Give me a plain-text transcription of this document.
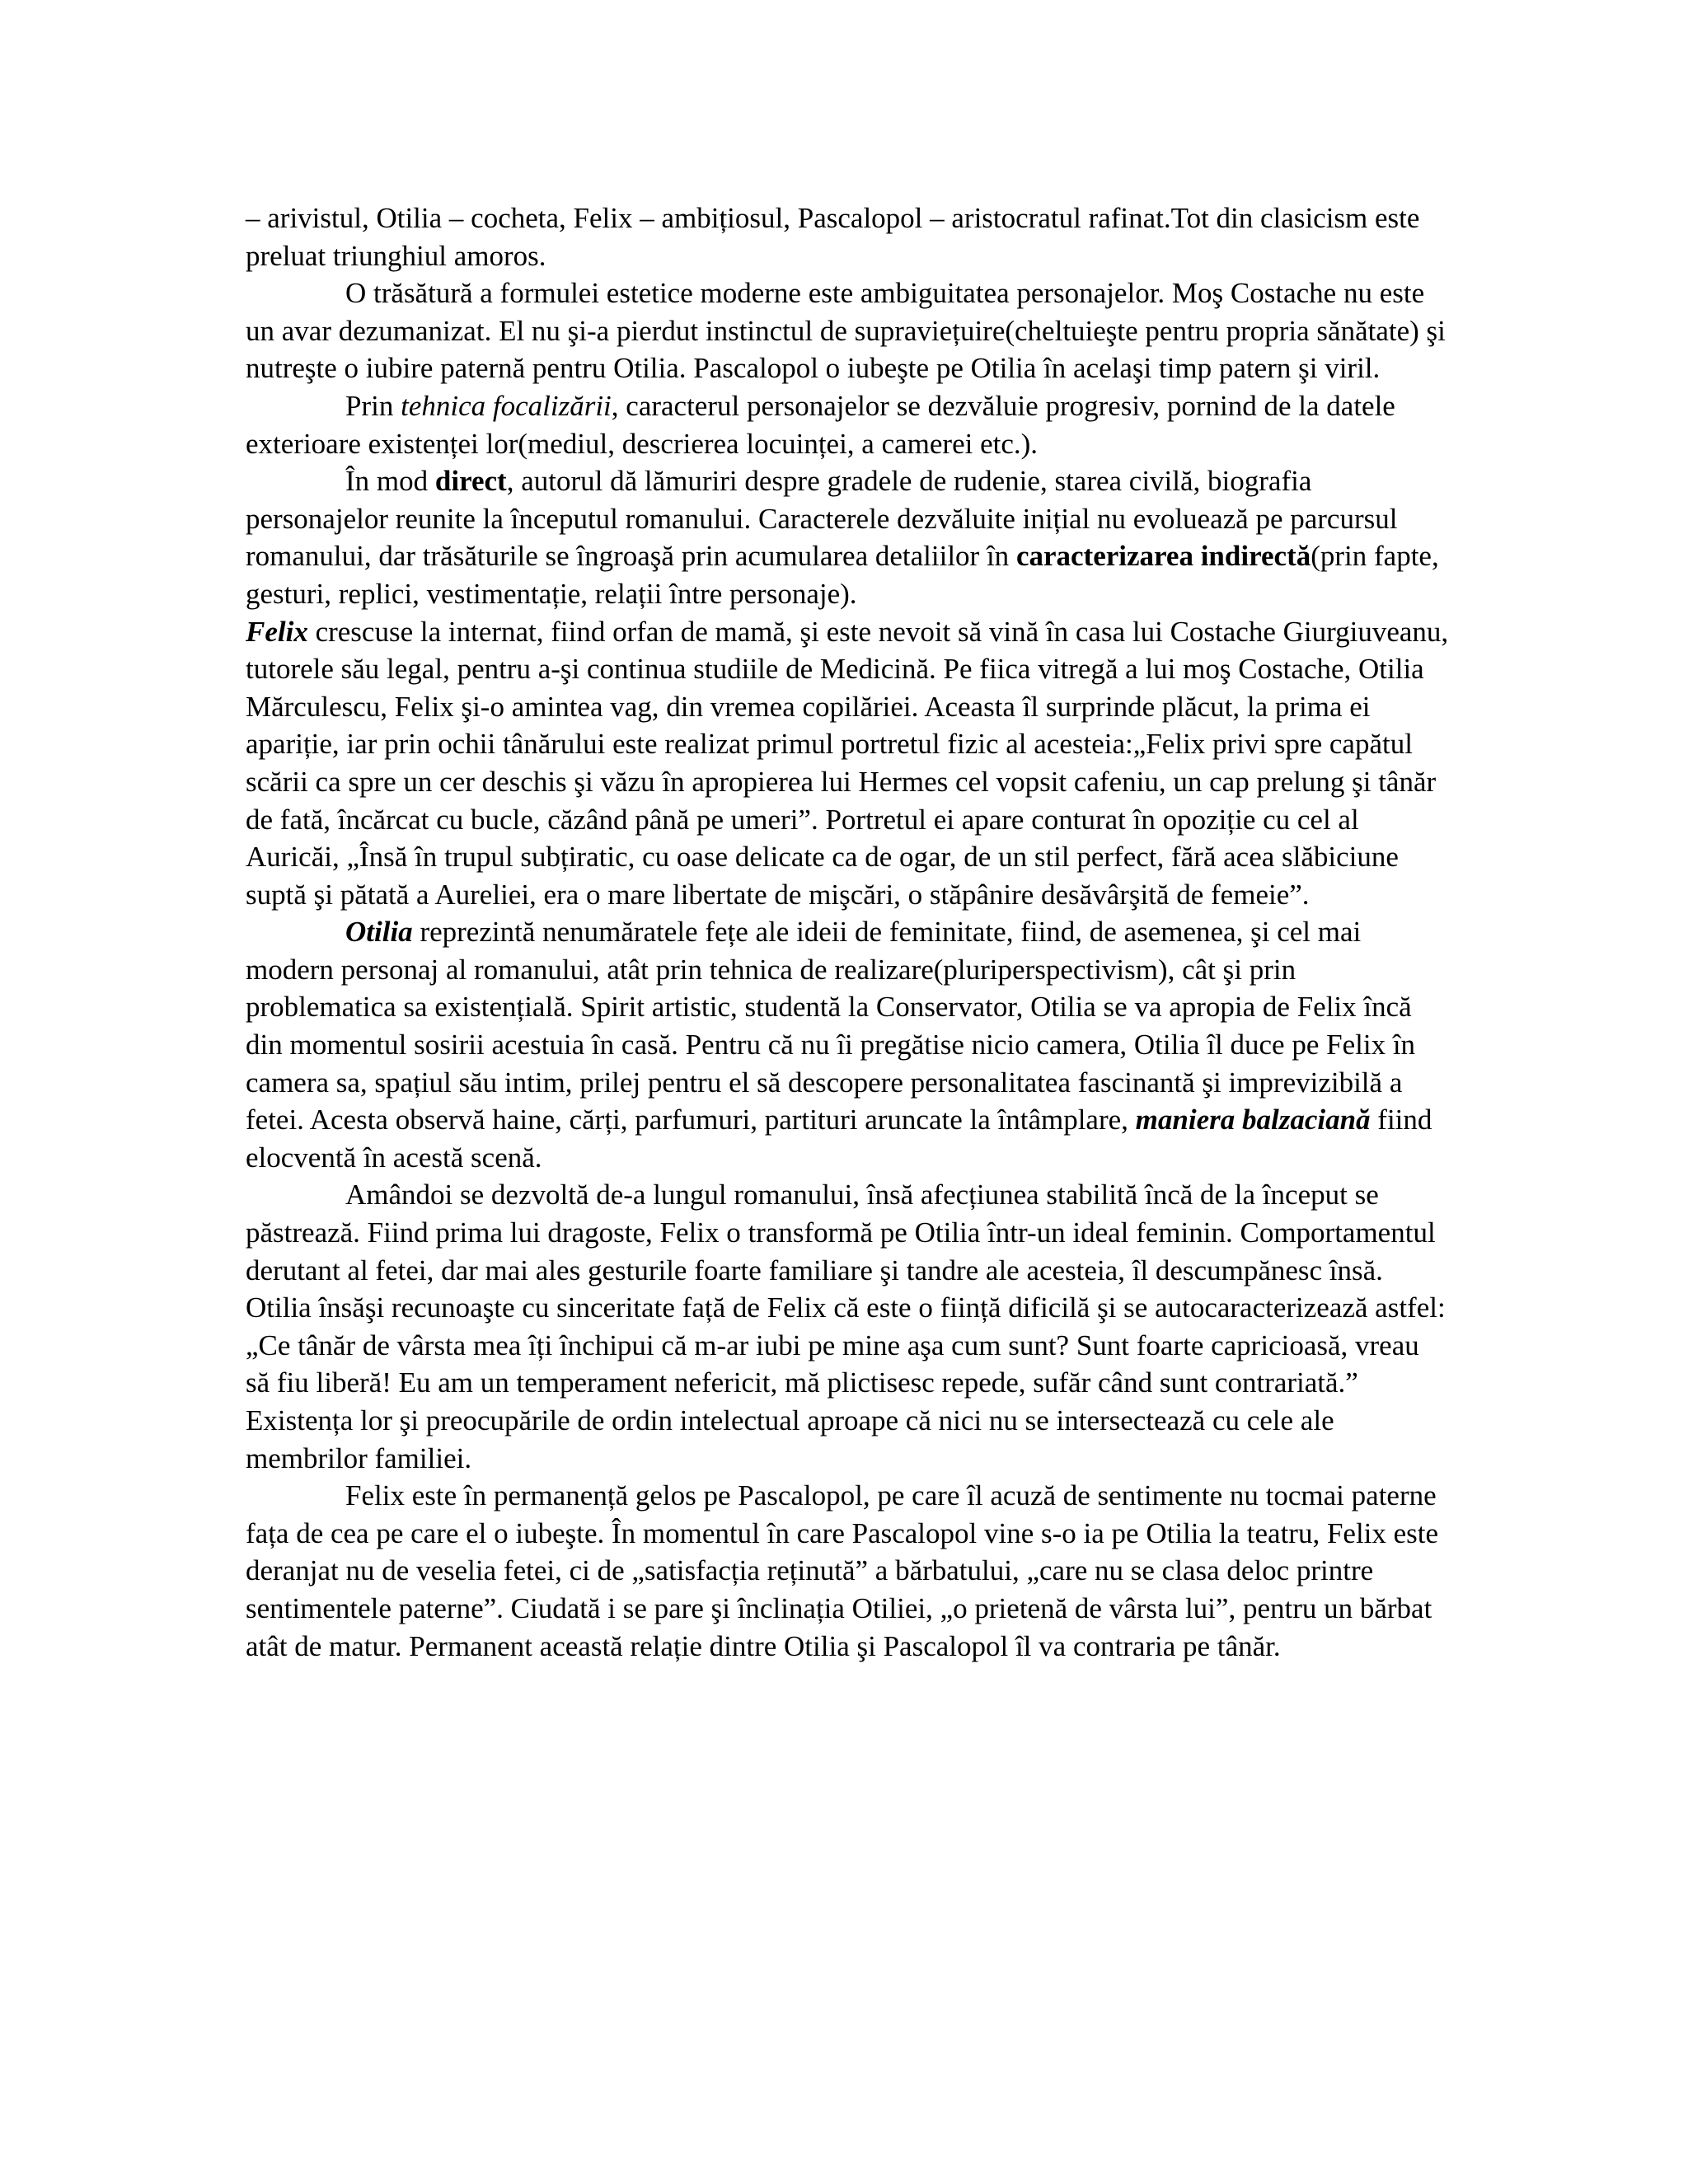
– arivistul, Otilia – cocheta, Felix – ambițiosul, Pascalopol – aristocratul rafinat.Tot din clasicism este preluat triunghiul amoros.

O trăsătură a formulei estetice moderne este ambiguitatea personajelor. Moş Costache nu este un avar dezumanizat. El nu şi-a pierdut instinctul de supraviețuire(cheltuieşte pentru propria sănătate) şi nutreşte o iubire paternă pentru Otilia. Pascalopol o iubeşte pe Otilia în acelaşi timp patern şi viril.

Prin tehnica focalizării, caracterul personajelor se dezvăluie progresiv, pornind de la datele exterioare existenței lor(mediul, descrierea locuinței, a camerei etc.).

În mod direct, autorul dă lămuriri despre gradele de rudenie, starea civilă, biografia personajelor reunite la începutul romanului. Caracterele dezvăluite inițial nu evoluează pe parcursul romanului, dar trăsăturile se îngroaşă prin acumularea detaliilor în caracterizarea indirectă(prin fapte, gesturi, replici, vestimentație, relații între personaje).

Felix crescuse la internat, fiind orfan de mamă, şi este nevoit să vină în casa lui Costache Giurgiuveanu, tutorele său legal, pentru a-şi continua studiile de Medicină. Pe fiica vitregă a lui moş Costache, Otilia Mărculescu, Felix şi-o amintea vag, din vremea copilăriei. Aceasta îl surprinde plăcut, la prima ei apariție, iar prin ochii tânărului este realizat primul portretul fizic al acesteia:„Felix privi spre capătul scării ca spre un cer deschis şi văzu în apropierea lui Hermes cel vopsit cafeniu, un cap prelung şi tânăr de fată, încărcat cu bucle, căzând până pe umeri”. Portretul ei apare conturat în opoziție cu cel al Auricăi, „Însă în trupul subțiratic, cu oase delicate ca de ogar, de un stil perfect, fără acea slăbiciune suptă şi pătată a Aureliei, era o mare libertate de mişcări, o stăpânire desăvârşită de femeie”.

Otilia reprezintă nenumăratele fețe ale ideii de feminitate, fiind, de asemenea, şi cel mai modern personaj al romanului, atât prin tehnica de realizare(pluriperspectivism), cât şi prin problematica sa existențială. Spirit artistic, studentă la Conservator, Otilia se va apropia de Felix încă din momentul sosirii acestuia în casă. Pentru că nu îi pregătise nicio camera, Otilia îl duce pe Felix în camera sa, spațiul său intim, prilej pentru el să descopere personalitatea fascinantă şi imprevizibilă a fetei. Acesta observă haine, cărți, parfumuri, partituri aruncate la întâmplare, maniera balzaciană fiind elocventă în acestă scenă.

Amândoi se dezvoltă de-a lungul romanului, însă afecțiunea stabilită încă de la început se păstrează. Fiind prima lui dragoste, Felix o transformă pe Otilia într-un ideal feminin. Comportamentul derutant al fetei, dar mai ales gesturile foarte familiare şi tandre ale acesteia, îl descumpănesc însă. Otilia însăşi recunoaşte cu sinceritate față de Felix că este o ființă dificilă şi se autocaracterizează astfel: „Ce tânăr de vârsta mea îți închipui că m-ar iubi pe mine aşa cum sunt? Sunt foarte capricioasă, vreau să fiu liberă! Eu am un temperament nefericit, mă plictisesc repede, sufăr când sunt contrariată.” Existența lor şi preocupările de ordin intelectual aproape că nici nu se intersectează cu cele ale membrilor familiei.

Felix este în permanență gelos pe Pascalopol, pe care îl acuză de sentimente nu tocmai paterne fața de cea pe care el o iubeşte. În momentul în care Pascalopol vine s-o ia pe Otilia la teatru, Felix este deranjat nu de veselia fetei, ci de „satisfacția reținută” a bărbatului, „care nu se clasa deloc printre sentimentele paterne”. Ciudată i se pare şi înclinația Otiliei, „o prietenă de vârsta lui”, pentru un bărbat atât de matur. Permanent această relație dintre Otilia şi Pascalopol îl va contraria pe tânăr.
